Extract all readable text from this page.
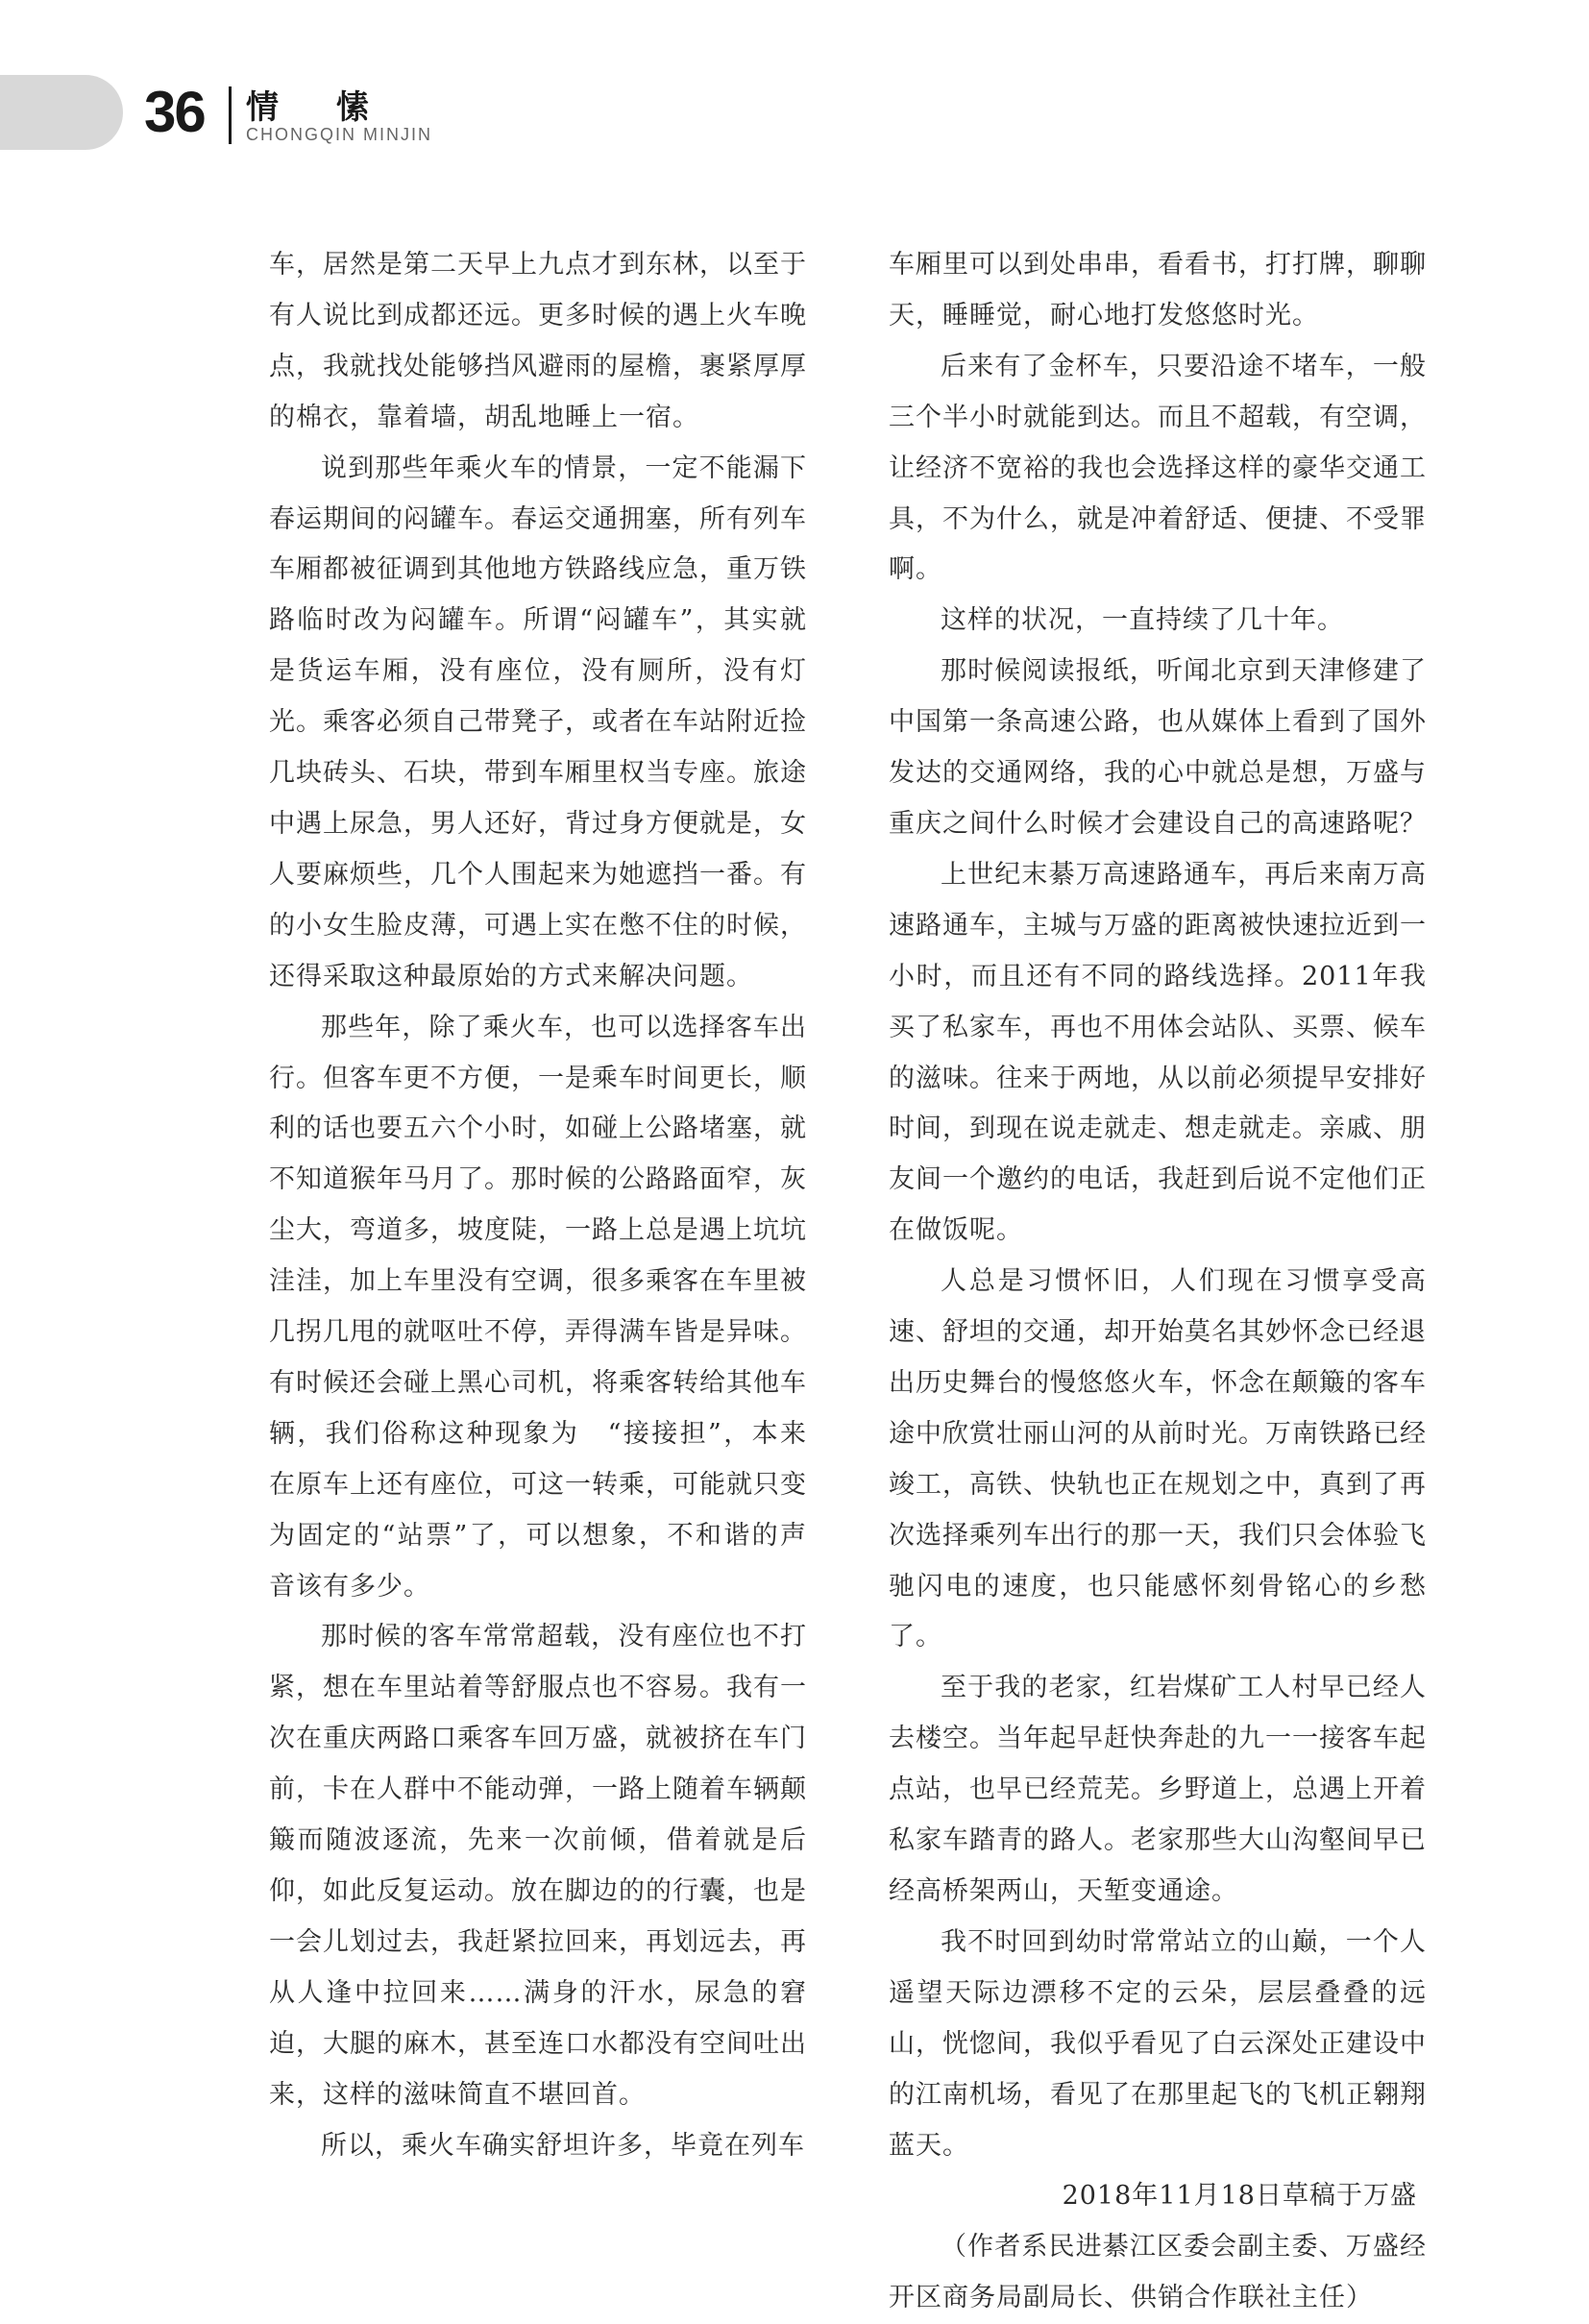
36 情 愫
CHONGQIN MINJIN

车，居然是第二天早上九点才到东林，以至于有人说比到成都还远。更多时候的遇上火车晚点，我就找处能够挡风避雨的屋檐，裹紧厚厚的棉衣，靠着墙，胡乱地睡上一宿。

说到那些年乘火车的情景，一定不能漏下春运期间的闷罐车。春运交通拥塞，所有列车车厢都被征调到其他地方铁路线应急，重万铁路临时改为闷罐车。所谓“闷罐车”，其实就是货运车厢，没有座位，没有厕所，没有灯光。乘客必须自己带凳子，或者在车站附近捡几块砖头、石块，带到车厢里权当专座。旅途中遇上尿急，男人还好，背过身方便就是，女人要麻烦些，几个人围起来为她遮挡一番。有的小女生脸皮薄，可遇上实在憋不住的时候，还得采取这种最原始的方式来解决问题。

那些年，除了乘火车，也可以选择客车出行。但客车更不方便，一是乘车时间更长，顺利的话也要五六个小时，如碰上公路堵塞，就不知道猴年马月了。那时候的公路路面窄，灰尘大，弯道多，坡度陡，一路上总是遇上坑坑洼洼，加上车里没有空调，很多乘客在车里被几拐几甩的就呕吐不停，弄得满车皆是异味。有时候还会碰上黑心司机，将乘客转给其他车辆，我们俗称这种现象为　“接接担”，本来在原车上还有座位，可这一转乘，可能就只变为固定的“站票”了，可以想象，不和谐的声音该有多少。

那时候的客车常常超载，没有座位也不打紧，想在车里站着等舒服点也不容易。我有一次在重庆两路口乘客车回万盛，就被挤在车门前，卡在人群中不能动弹，一路上随着车辆颠簸而随波逐流，先来一次前倾，借着就是后仰，如此反复运动。放在脚边的的行囊，也是一会儿划过去，我赶紧拉回来，再划远去，再从人逢中拉回来……满身的汗水，尿急的窘迫，大腿的麻木，甚至连口水都没有空间吐出来，这样的滋味简直不堪回首。

所以，乘火车确实舒坦许多，毕竟在列车

车厢里可以到处串串，看看书，打打牌，聊聊天，睡睡觉，耐心地打发悠悠时光。

后来有了金杯车，只要沿途不堵车，一般三个半小时就能到达。而且不超载，有空调，让经济不宽裕的我也会选择这样的豪华交通工具，不为什么，就是冲着舒适、便捷、不受罪啊。

这样的状况，一直持续了几十年。

那时候阅读报纸，听闻北京到天津修建了中国第一条高速公路，也从媒体上看到了国外发达的交通网络，我的心中就总是想，万盛与重庆之间什么时候才会建设自己的高速路呢？

上世纪末綦万高速路通车，再后来南万高速路通车，主城与万盛的距离被快速拉近到一小时，而且还有不同的路线选择。2011年我买了私家车，再也不用体会站队、买票、候车的滋味。往来于两地，从以前必须提早安排好时间，到现在说走就走、想走就走。亲戚、朋友间一个邀约的电话，我赶到后说不定他们正在做饭呢。

人总是习惯怀旧，人们现在习惯享受高速、舒坦的交通，却开始莫名其妙怀念已经退出历史舞台的慢悠悠火车，怀念在颠簸的客车途中欣赏壮丽山河的从前时光。万南铁路已经竣工，高铁、快轨也正在规划之中，真到了再次选择乘列车出行的那一天，我们只会体验飞驰闪电的速度，也只能感怀刻骨铭心的乡愁了。

至于我的老家，红岩煤矿工人村早已经人去楼空。当年起早赶快奔赴的九一一接客车起点站，也早已经荒芜。乡野道上，总遇上开着私家车踏青的路人。老家那些大山沟壑间早已经高桥架两山，天堑变通途。

我不时回到幼时常常站立的山巅，一个人遥望天际边漂移不定的云朵，层层叠叠的远山，恍惚间，我似乎看见了白云深处正建设中的江南机场，看见了在那里起飞的飞机正翱翔蓝天。

2018年11月18日草稿于万盛

（作者系民进綦江区委会副主委、万盛经开区商务局副局长、供销合作联社主任）
